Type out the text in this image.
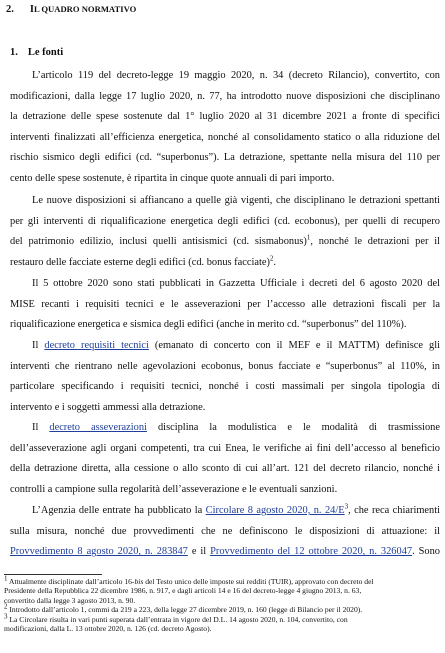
2. IL QUADRO NORMATIVO
1. Le fonti

L’articolo 119 del decreto-legge 19 maggio 2020, n. 34 (decreto Rilancio), convertito, con
modificazioni, dalla legge 17 luglio 2020, n. 77, ha introdotto nuove disposizioni che disciplinano
la detrazione delle spese sostenute dal 1° luglio 2020 al 31 dicembre 2021 a fronte di specifici
interventi finalizzati all’efficienza energetica, nonché al consolidamento statico o alla riduzione del
rischio sismico degli edifici (cd. “superbonus”). La detrazione, spettante nella misura del 110 per
cento delle spese sostenute, è ripartita in cinque quote annuali di pari importo.

Le nuove disposizioni si affiancano a quelle già vigenti, che disciplinano le detrazioni spettanti
per gli interventi di riqualificazione energetica degli edifici (cd. ecobonus), per quelli di recupero
del patrimonio edilizio, inclusi quelli antisismici (cd. sismabonus)$^1$, nonché le detrazioni per il
restauro delle facciate esterne degli edifici (cd. bonus facciate)$^2$.

Il 5 ottobre 2020 sono stati pubblicati in Gazzetta Ufficiale i decreti del 6 agosto 2020 del
MISE recanti i requisiti tecnici e le asseverazioni per l’accesso alle detrazioni fiscali per la
riqualificazione energetica e sismica degli edifici (anche in merito cd. “superbonus” del 110%).

Il decreto requisiti tecnici (emanato di concerto con il MEF e il MATTM) definisce gli
interventi che rientrano nelle agevolazioni ecobonus, bonus facciate e “superbonus” al 110%, in
particolare specificando i requisiti tecnici, nonché i costi massimali per singola tipologia di
intervento e i soggetti ammessi alla detrazione.

Il decreto asseverazioni disciplina la modulistica e le modalità di trasmissione
dell’asseverazione agli organi competenti, tra cui Enea, le verifiche ai fini dell’accesso al beneficio
della detrazione diretta, alla cessione o allo sconto di cui all’art. 121 del decreto rilancio, nonché i
controlli a campione sulla regolarità dell’asseverazione e le eventuali sanzioni.

L’Agenzia delle entrate ha pubblicato la Circolare 8 agosto 2020, n. $24/E^3$, che reca chiarimenti
sulla misura, nonché due provvedimenti che ne definiscono le disposizioni di attuazione: il
Provvedimento 8 agosto 2020, n. 283847 e il Provvedimento del 12 ottobre 2020, n. 326047. Sono

$^1$ Attualmente disciplinate dall’articolo 16-bis del Testo unico delle imposte sui redditi (TUIR), approvato con decreto del
Presidente della Repubblica 22 dicembre 1986, n. 917, e dagli articoli 14 e 16 del decreto-legge 4 giugno 2013, n. 63,
convertito dalla legge 3 agosto 2013, n. 90.
$^2$ Introdotto dall’articolo 1, commi da 219 a 223, della legge 27 dicembre 2019, n. 160 (legge di Bilancio per il 2020).
$^3$ La Circolare risulta in vari punti superata dall’entrata in vigore del D.L. 14 agosto 2020, n. 104, convertito, con
modificazioni, dalla L. 13 ottobre 2020, n. 126 (cd. decreto Agosto).
